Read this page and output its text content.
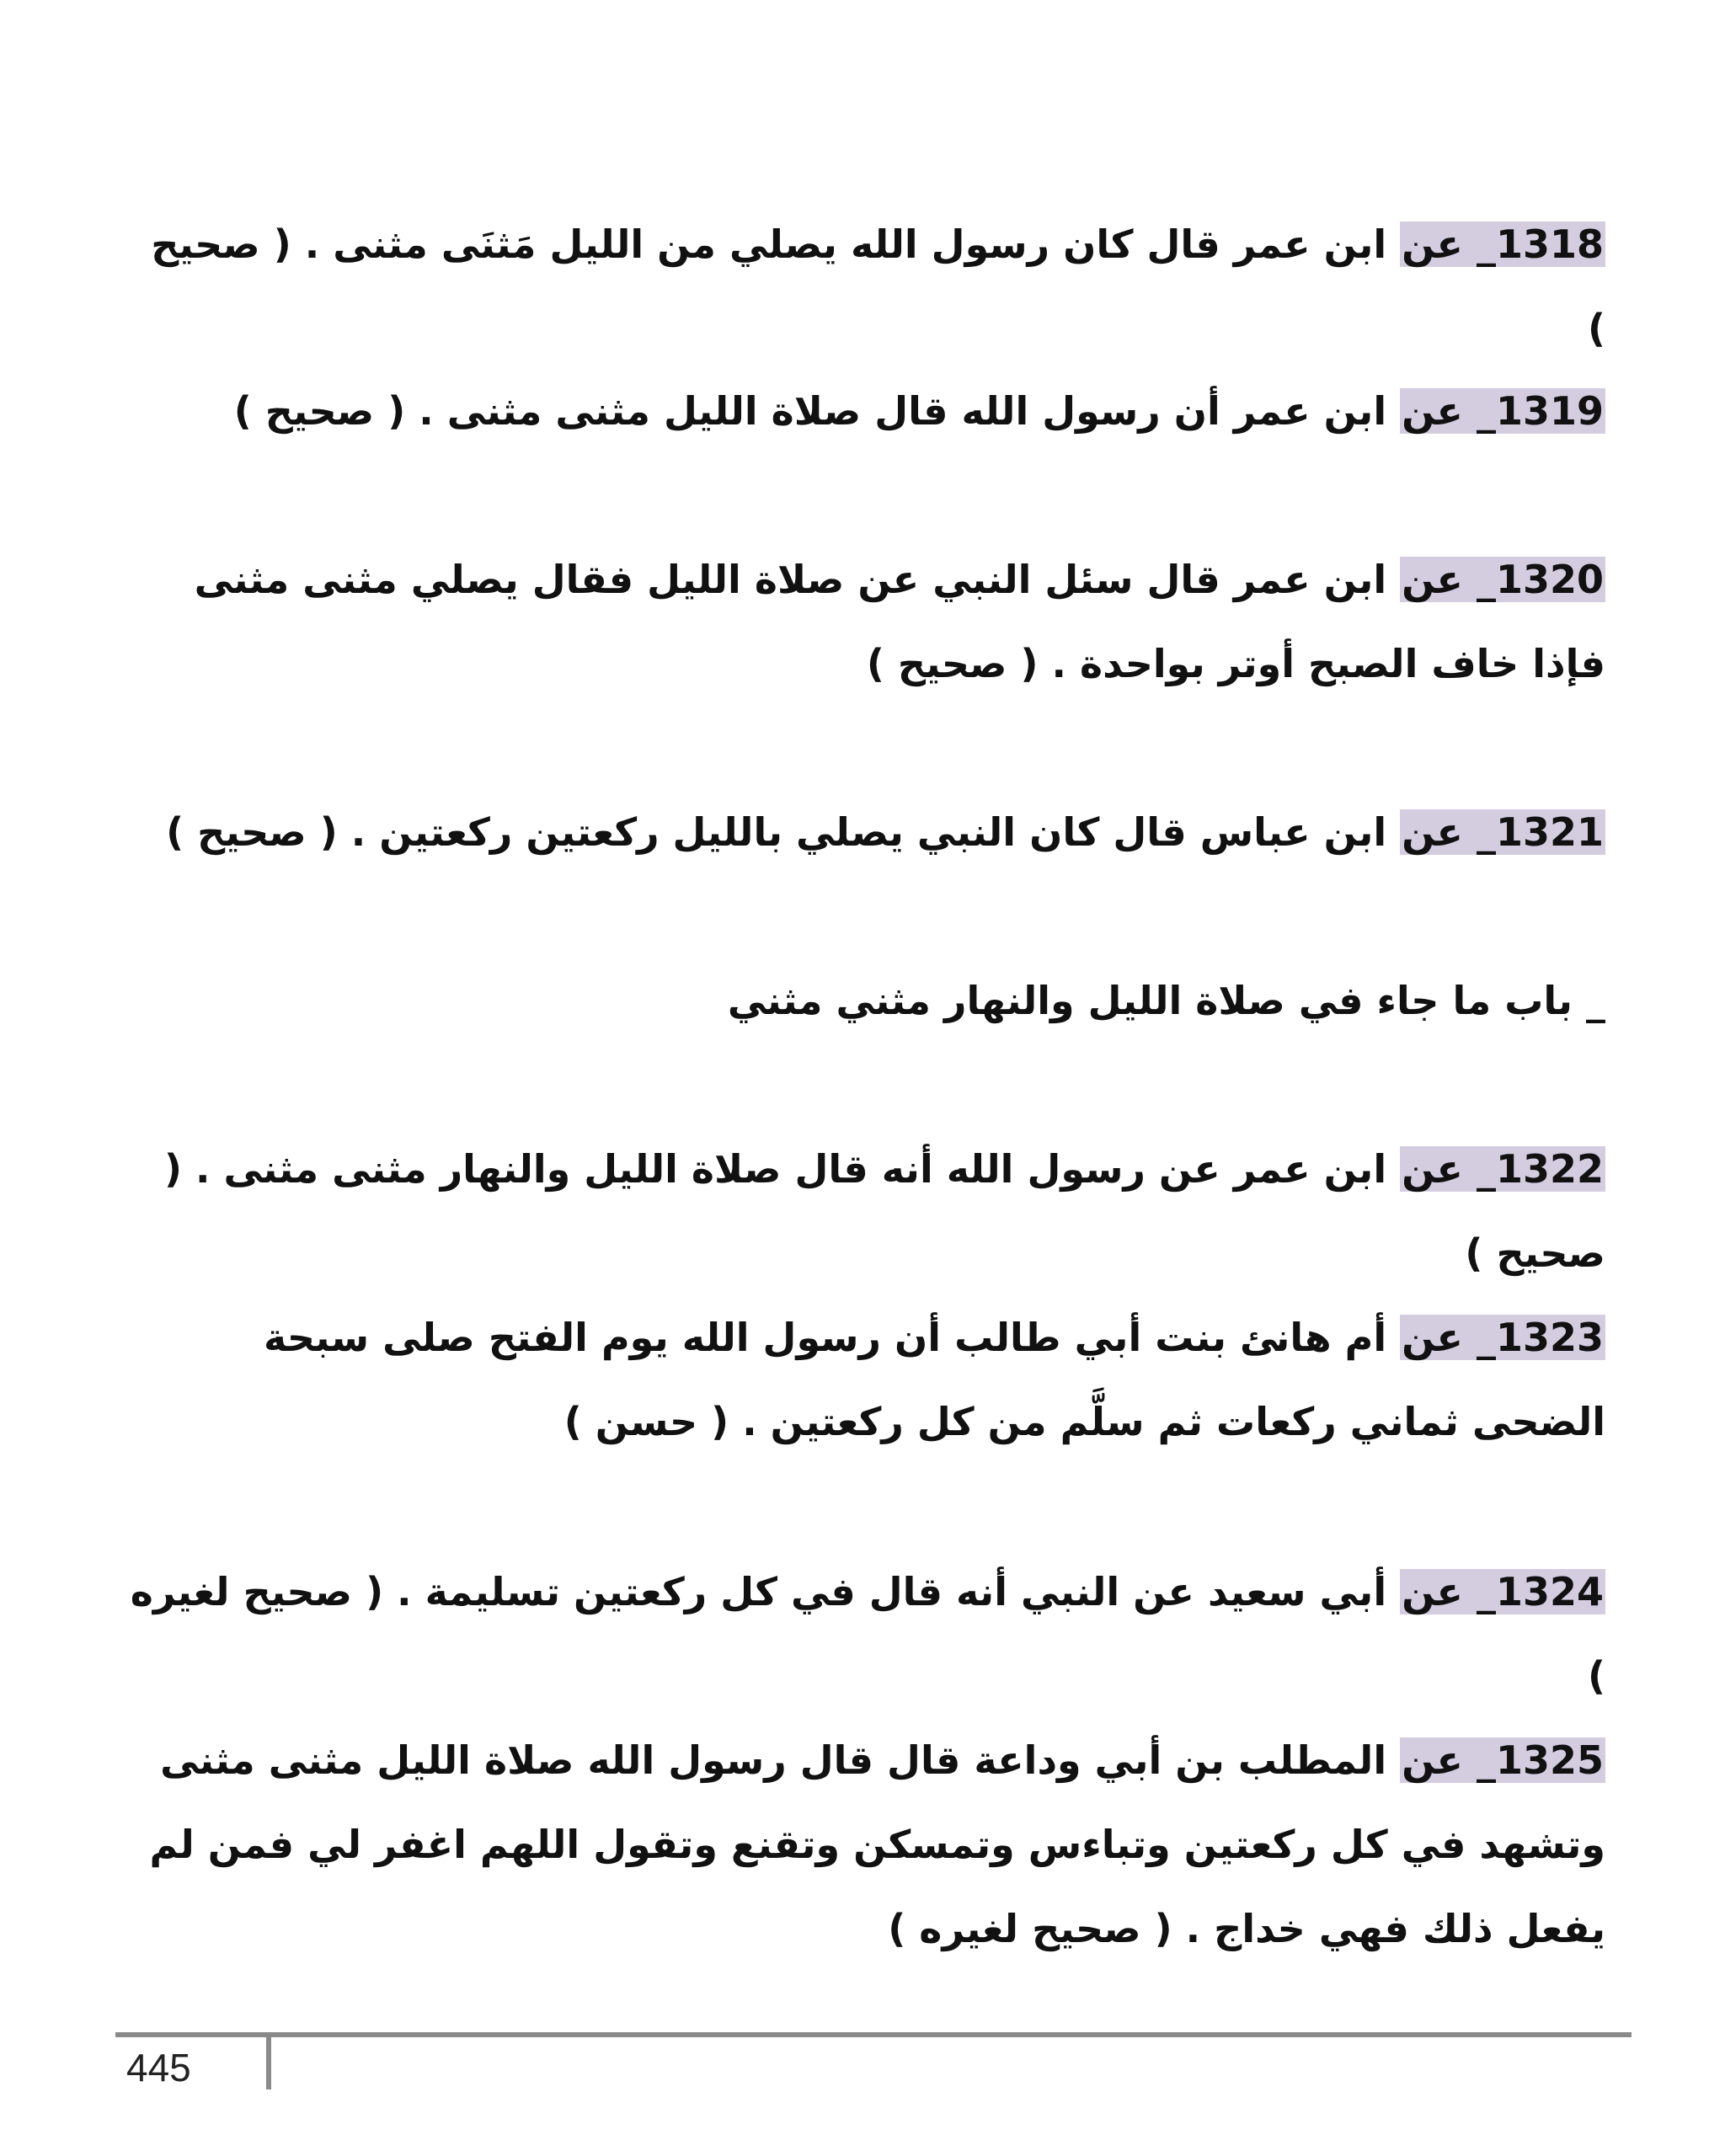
1318_ عن ابن عمر قال كان رسول الله يصلي من الليل مَثنَى مثنى . ( صحيح )

1319_ عن ابن عمر أن رسول الله قال صلاة الليل مثنى مثنى . ( صحيح )

1320_ عن ابن عمر قال سئل النبي عن صلاة الليل فقال يصلي مثنى مثنى فإذا خاف الصبح أوتر بواحدة . ( صحيح )

1321_ عن ابن عباس قال كان النبي يصلي بالليل ركعتين ركعتين . ( صحيح )

_ باب ما جاء في صلاة الليل والنهار مثني مثني

1322_ عن ابن عمر عن رسول الله أنه قال صلاة الليل والنهار مثنى مثنى . ( صحيح )

1323_ عن أم هانئ بنت أبي طالب أن رسول الله يوم الفتح صلى سبحة الضحى ثماني ركعات ثم سلَّم من كل ركعتين . ( حسن )

1324_ عن أبي سعيد عن النبي أنه قال في كل ركعتين تسليمة . ( صحيح لغيره )

1325_ عن المطلب بن أبي وداعة قال قال رسول الله صلاة الليل مثنى مثنى وتشهد في كل ركعتين وتباءس وتمسكن وتقنع وتقول اللهم اغفر لي فمن لم يفعل ذلك فهي خداج . ( صحيح لغيره )

445
